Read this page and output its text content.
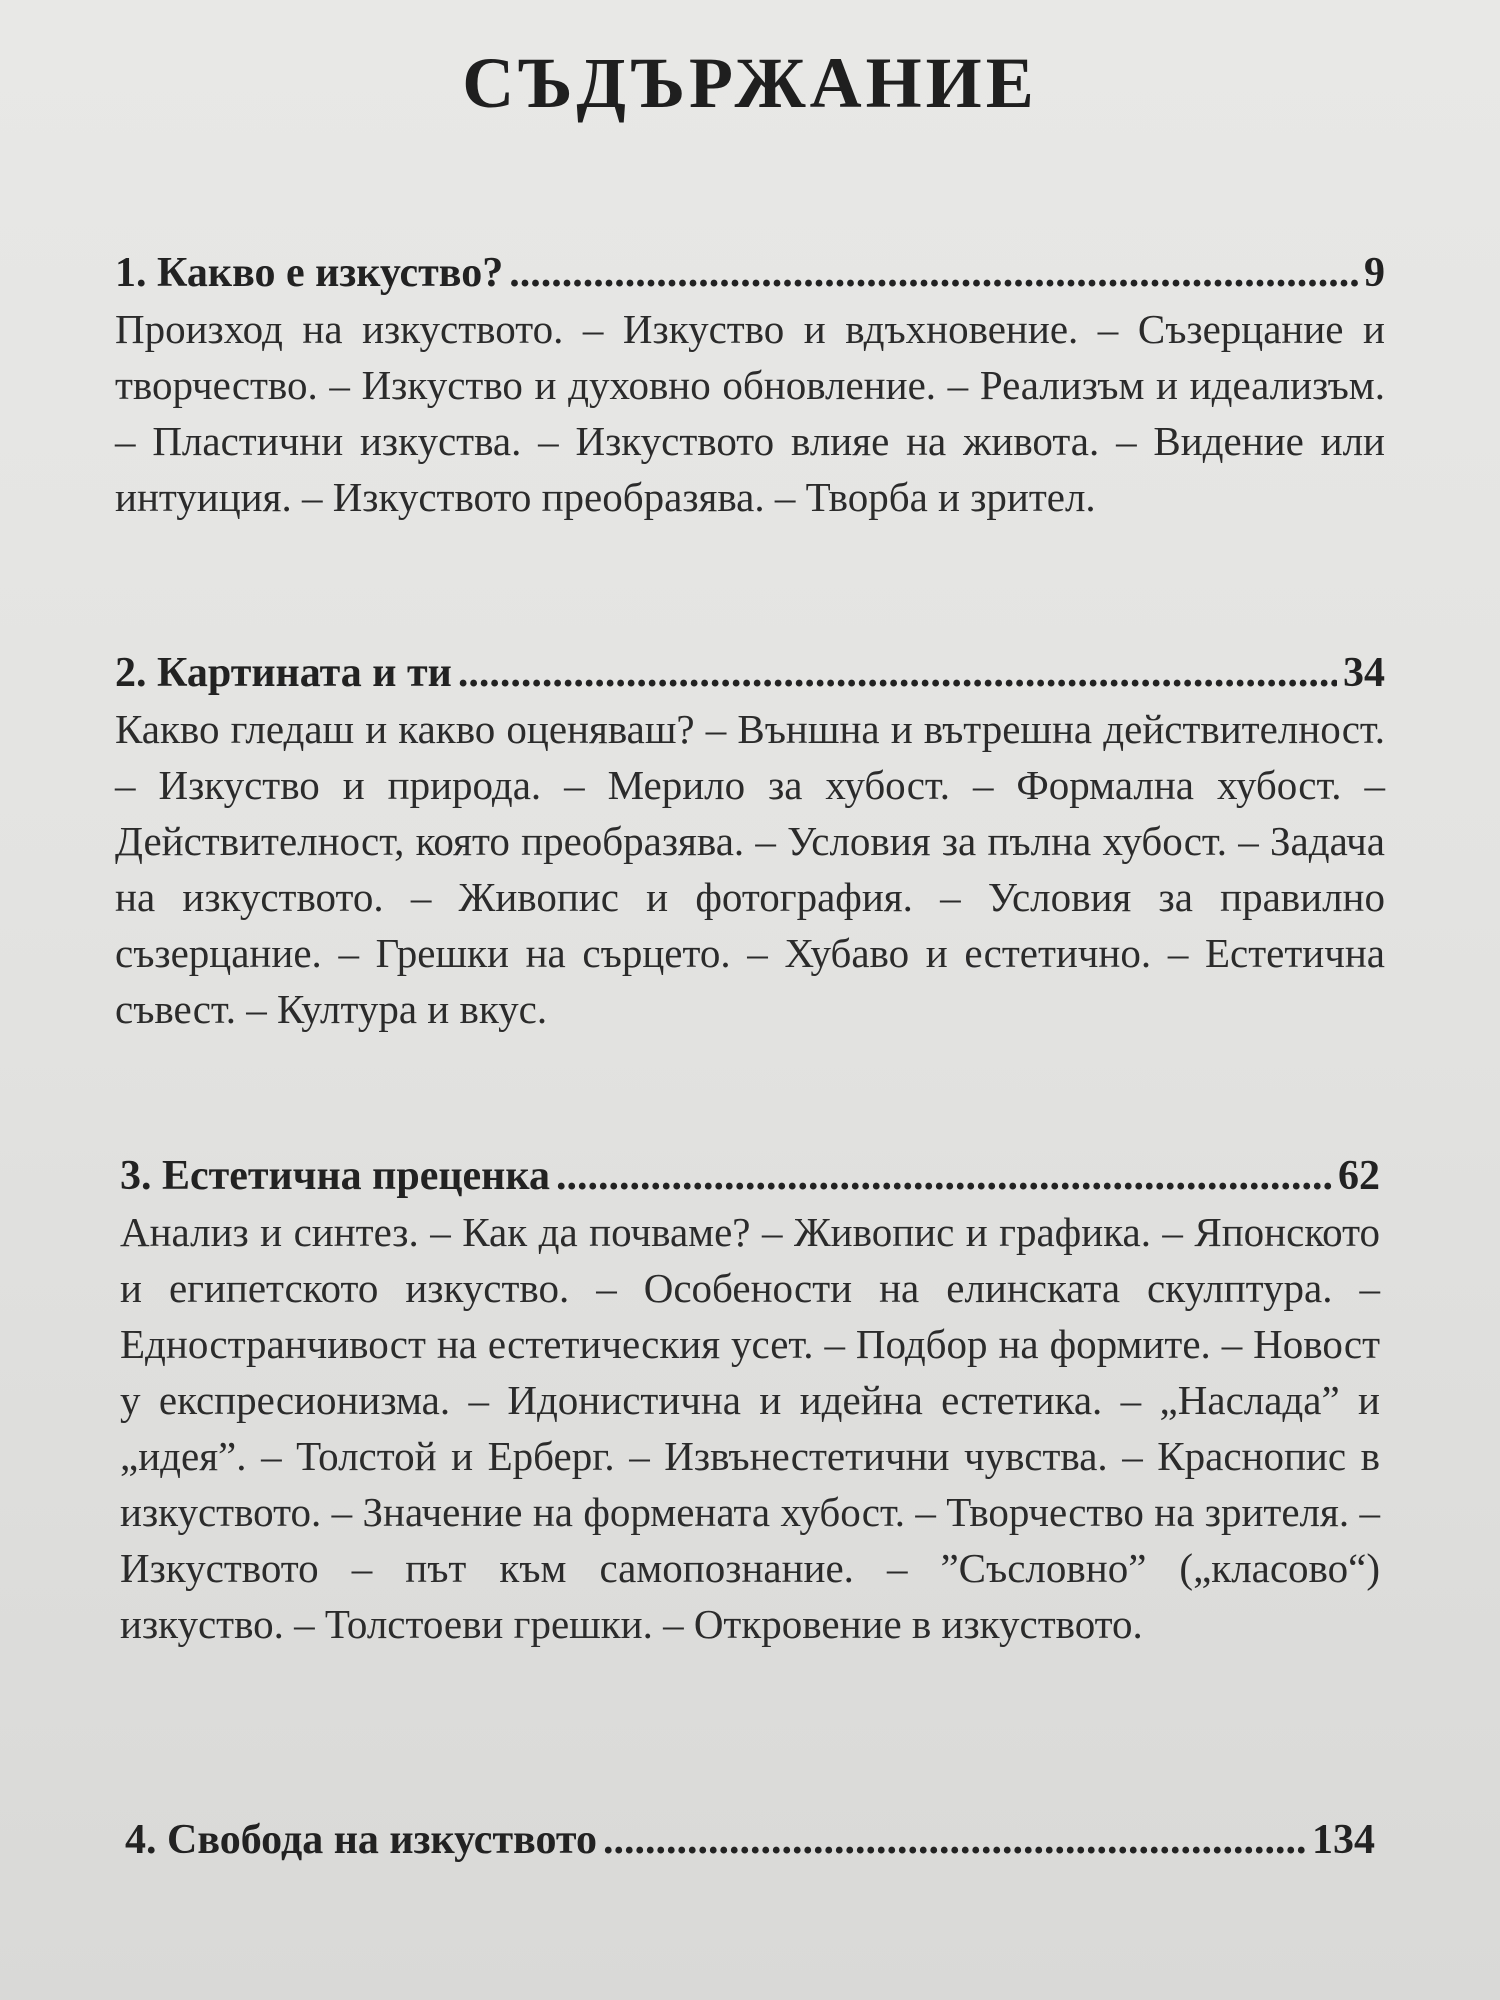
СЪДЪРЖАНИЕ
1. Какво е изкуство? .....	9

Произход на изкуството. – Изкуство и вдъхновение. – Съзерцание и творчество. – Изкуство и духовно обновление. – Реализъм и идеализъм. – Пластични изкуства. – Изкуството влияе на живота. – Видение или интуиция. – Изкуството преобразява. – Творба и зрител.

2. Картината и ти .....	34

Какво гледаш и какво оценяваш? – Външна и вътрешна действителност. – Изкуство и природа. – Мерило за хубост. – Формална хубост. – Действителност, която преобразява. – Условия за пълна хубост. – Задача на изкуството. – Живопис и фотография. – Условия за правилно съзерцание. – Грешки на сърцето. – Хубаво и естетично. – Естетична съвест. – Култура и вкус.

3. Естетична преценка .....	62

Анализ и синтез. – Как да почваме? – Живопис и графика. – Японското и египетското изкуство. – Особености на елинската скулптура. – Едностранчивост на естетическия усет. – Подбор на формите. – Новост у експресионизма. – Идонистична и идейна естетика. – „Наслада” и „идея”. – Толстой и Ерберг. – Извънестетични чувства. – Краснопис в изкуството. – Значение на формената хубост. – Творчество на зрителя. – Изкуството – път към самопознание. – ”Съсловно” („класово“) изкуство. – Толстоеви грешки. – Откровение в изкуството.

4. Свобода на изкуството .....	134
